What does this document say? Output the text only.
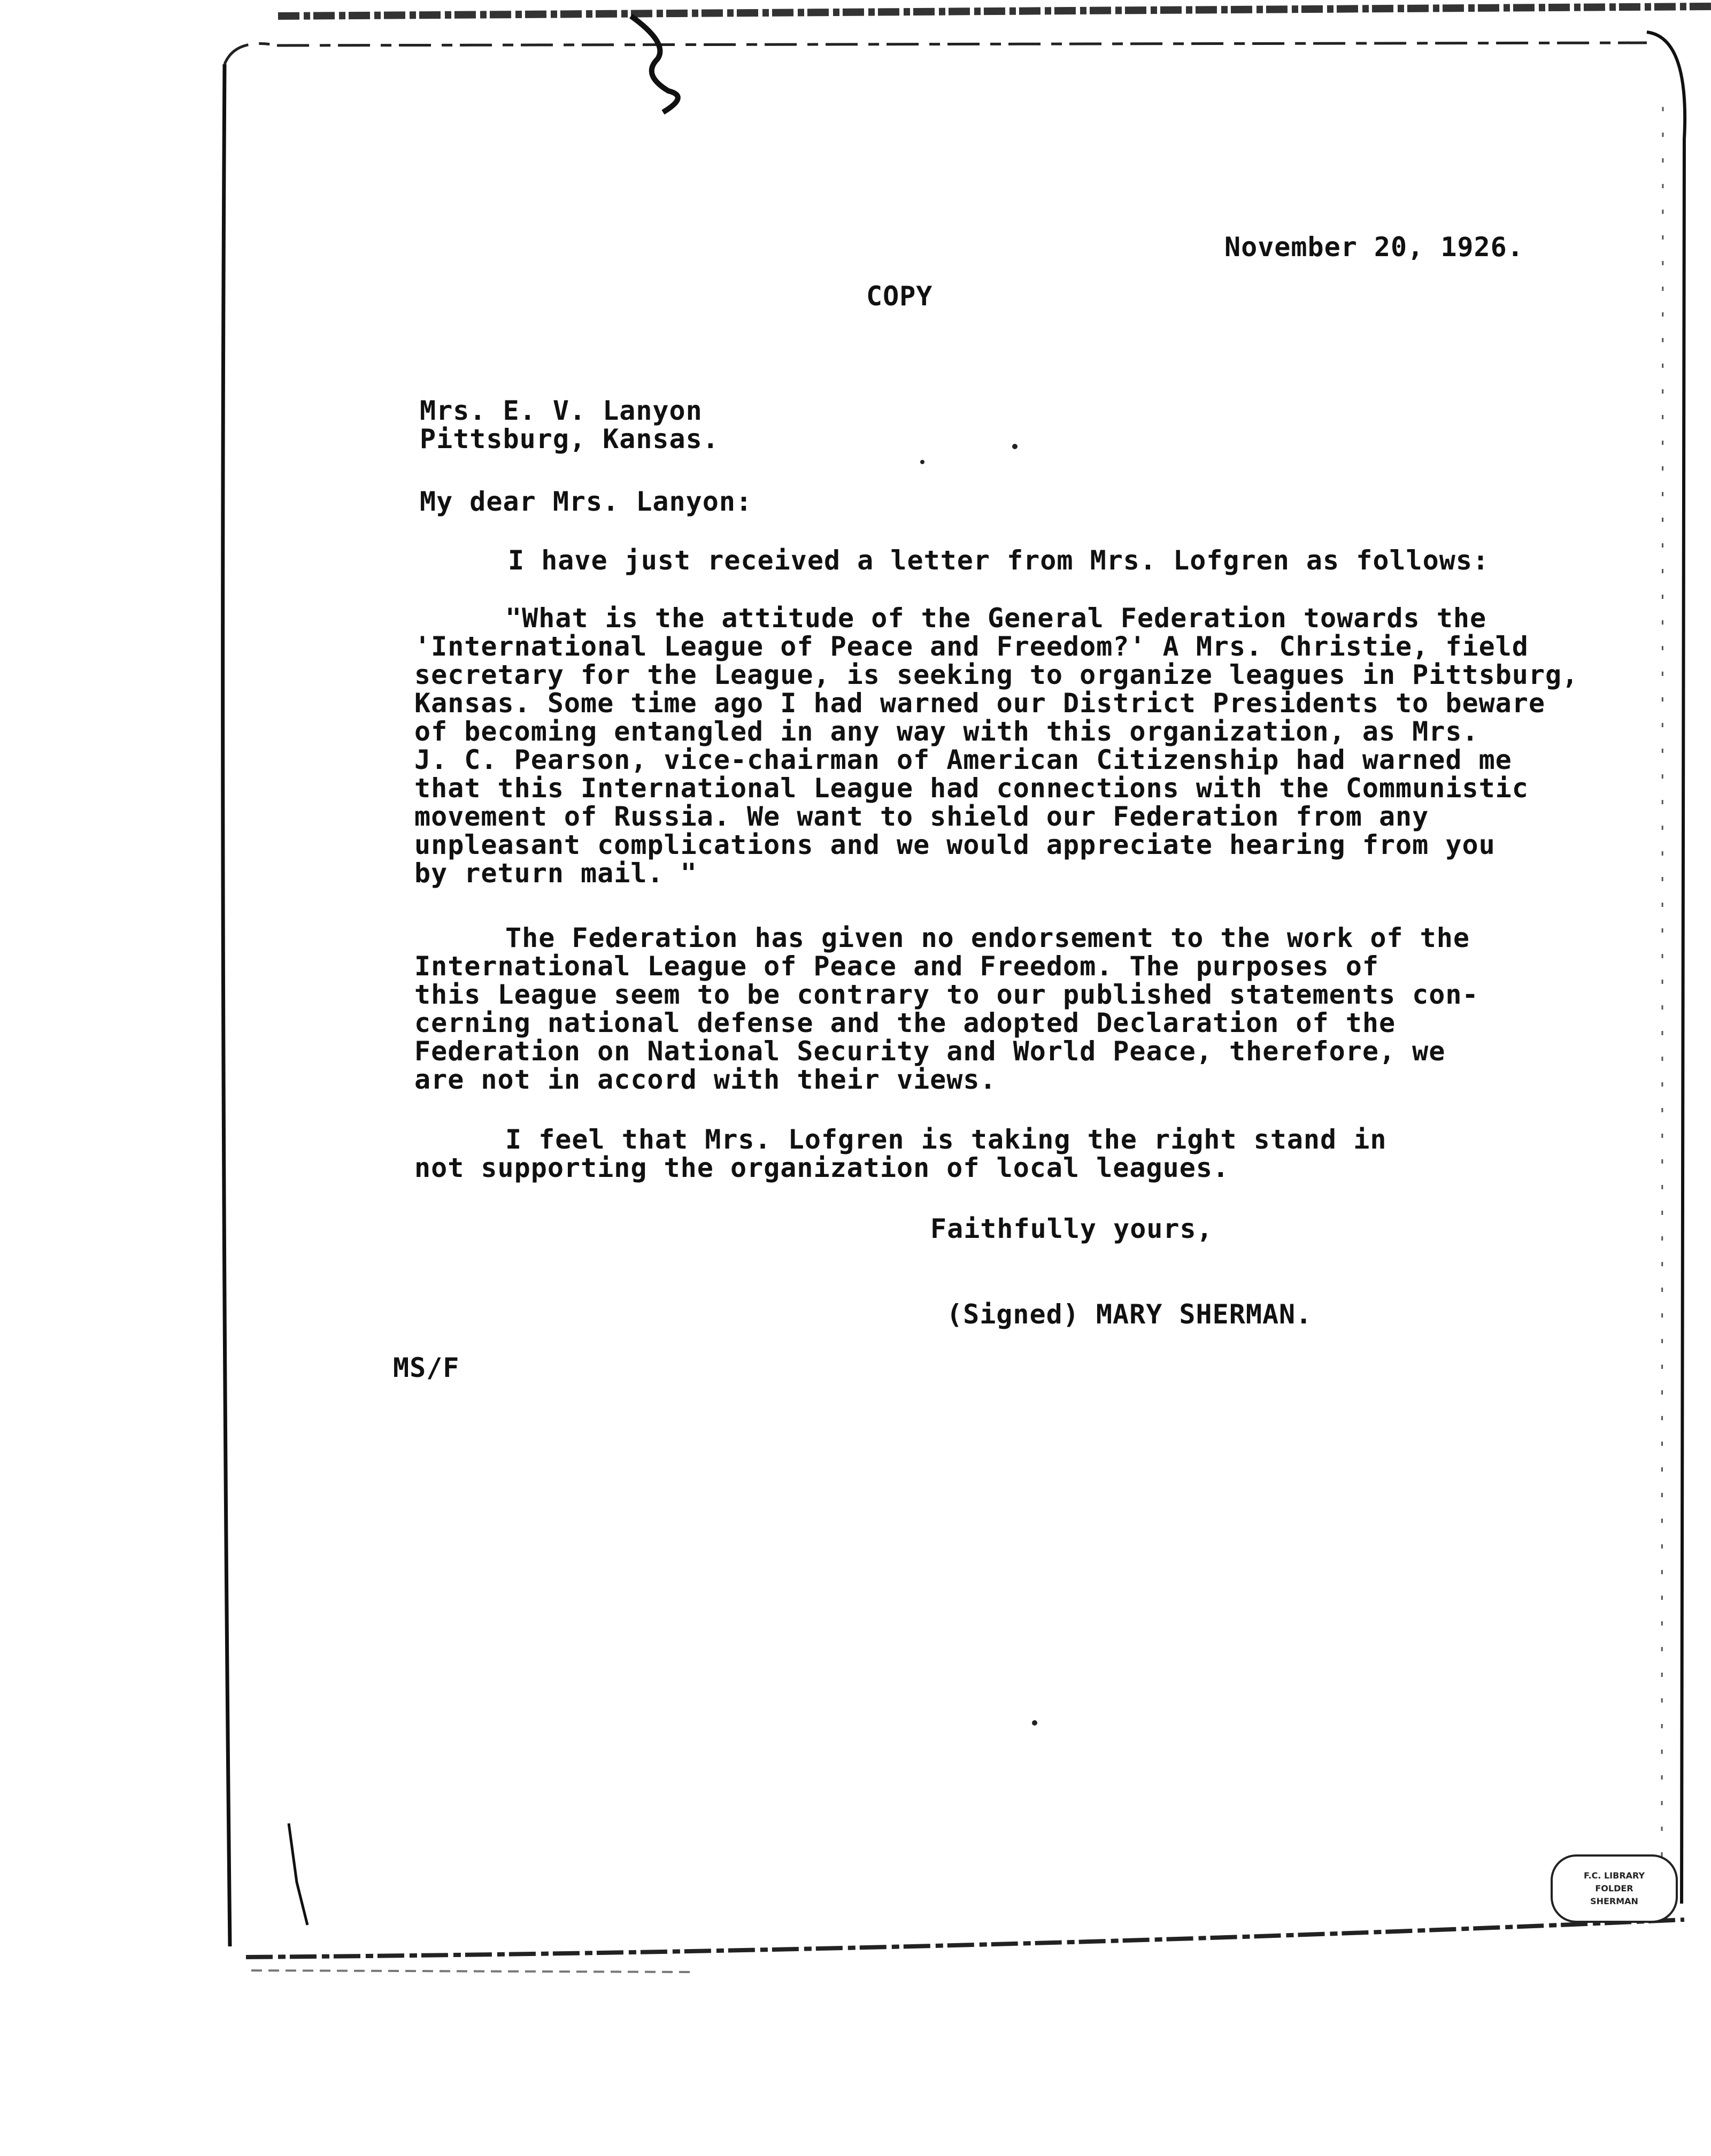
November 20, 1926.
COPY
Mrs. E. V. Lanyon
Pittsburg, Kansas.
My dear Mrs. Lanyon:
I have just received a letter from Mrs. Lofgren as follows:
"What is the attitude of the General Federation towards the
'International League of Peace and Freedom?' A Mrs. Christie, field
secretary for the League, is seeking to organize leagues in Pittsburg,
Kansas. Some time ago I had warned our District Presidents to beware
of becoming entangled in any way with this organization, as Mrs.
J. C. Pearson, vice-chairman of American Citizenship had warned me
that this International League had connections with the Communistic
movement of Russia. We want to shield our Federation from any
unpleasant complications and we would appreciate hearing from you
by return mail. "
The Federation has given no endorsement to the work of the
International League of Peace and Freedom. The purposes of
this League seem to be contrary to our published statements con-
cerning national defense and the adopted Declaration of the
Federation on National Security and World Peace, therefore, we
are not in accord with their views.
I feel that Mrs. Lofgren is taking the right stand in
not supporting the organization of local leagues.
Faithfully yours,
(Signed) MARY SHERMAN.
MS/F
F.C. LIBRARY
FOLDER
SHERMAN
